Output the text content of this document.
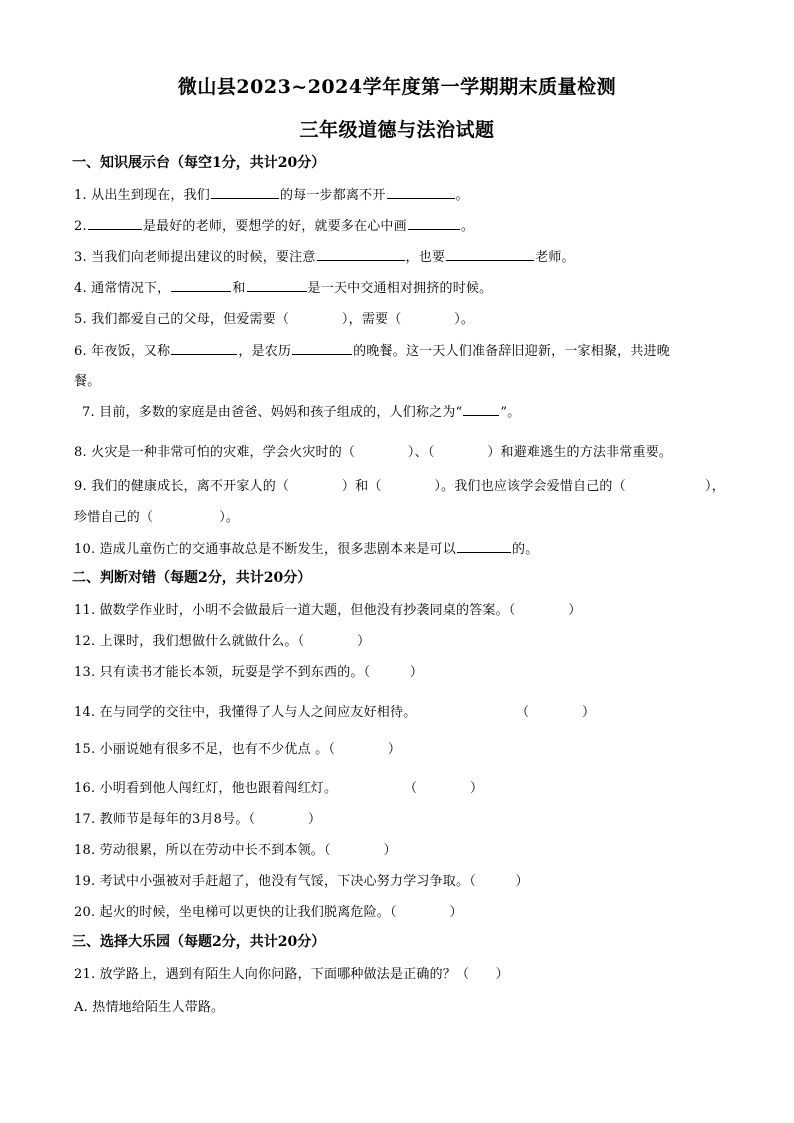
微山县2023~2024学年度第一学期期末质量检测
三年级道德与法治试题
一、知识展示台（每空1分，共计20分）
1. 从出生到现在，我们	的每一步都离不开	。
2.	是最好的老师，要想学的好，就要多在心中画	。
3. 当我们向老师提出建议的时候，要注意	，也要	老师。
4. 通常情况下，	和	是一天中交通相对拥挤的时候。
5. 我们都爱自己的父母，但爱需要（　　　　），需要（　　　　）。
6. 年夜饭，又称	，是农历	的晚餐。这一天人们准备辞旧迎新，一家相聚，共进晚
餐。
7. 目前，多数的家庭是由爸爸、妈妈和孩子组成的，人们称之为“	”。
8. 火灾是一种非常可怕的灾难，学会火灾时的（　　　　）、（　　　　）和避难逃生的方法非常重要。
9. 我们的健康成长，离不开家人的（　　　　）和（　　　　）。我们也应该学会爱惜自己的（　　　　　　），
珍惜自己的（　　　　　）。
10. 造成儿童伤亡的交通事故总是不断发生，很多悲剧本来是可以	的。
二、判断对错（每题2分，共计20分）
11. 做数学作业时，小明不会做最后一道大题，但他没有抄袭同桌的答案。（　　　　）
12. 上课时，我们想做什么就做什么。（　　　　）
13. 只有读书才能长本领，玩耍是学不到东西的。（　　　）
14. 在与同学的交往中，我懂得了人与人之间应友好相待。	（　　　　）
15. 小丽说她有很多不足，也有不少优点 。（　　　　）
16. 小明看到他人闯红灯，他也跟着闯红灯。	（　　　　）
17. 教师节是每年的3月8号。（　　　　）
18. 劳动很累，所以在劳动中长不到本领。（　　　　）
19. 考试中小强被对手赶超了，他没有气馁，下决心努力学习争取。（　　　）
20. 起火的时候，坐电梯可以更快的让我们脱离危险。（　　　　）
三、选择大乐园（每题2分，共计20分）
21. 放学路上，遇到有陌生人向你问路，下面哪种做法是正确的？（　　）
A. 热情地给陌生人带路。
